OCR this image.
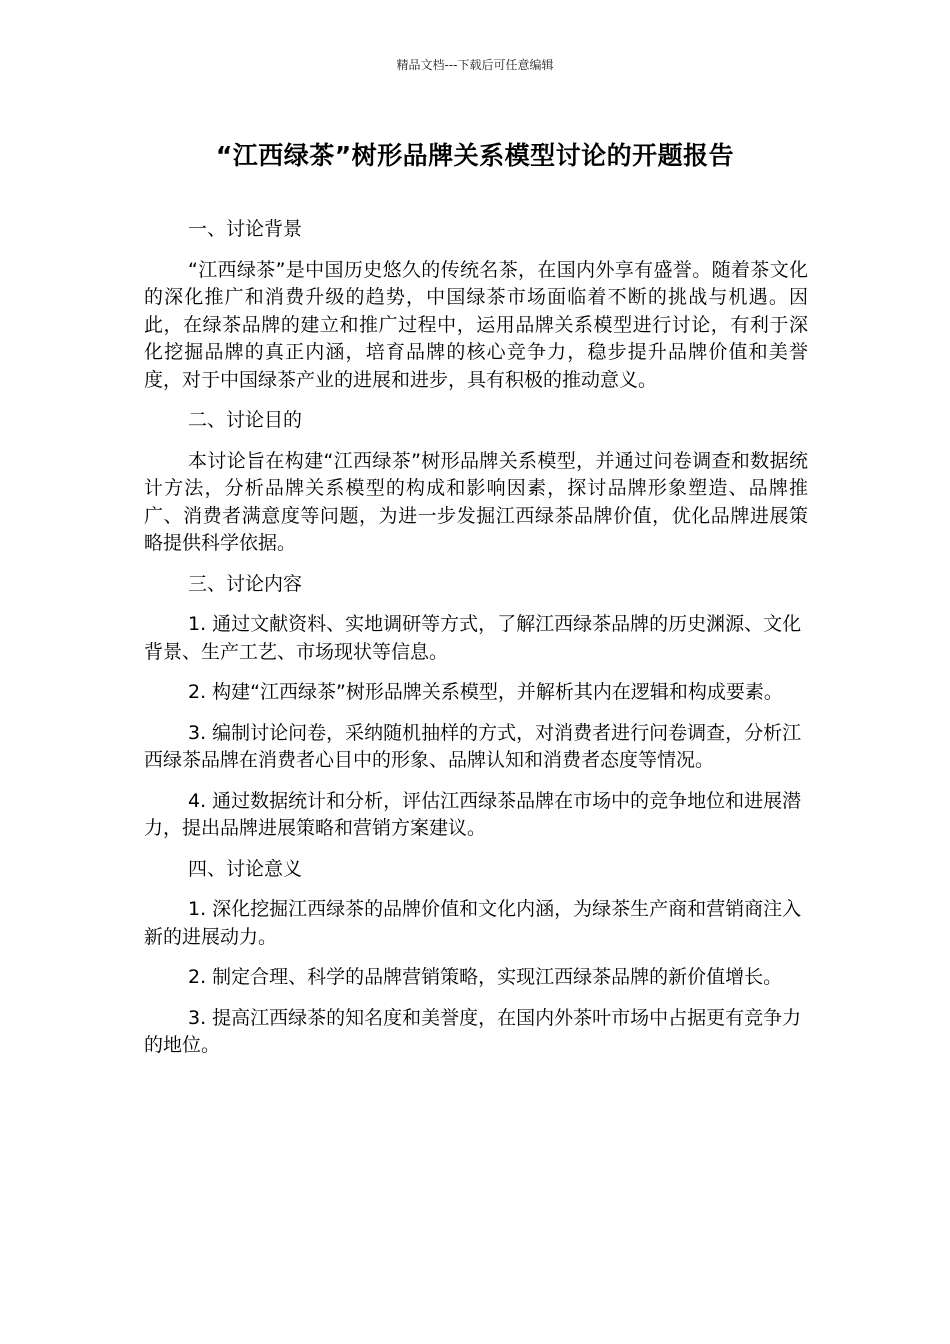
精品文档---下载后可任意编辑
“江西绿茶”树形品牌关系模型讨论的开题报告
一、讨论背景
“江西绿茶”是中国历史悠久的传统名茶，在国内外享有盛誉。随着茶文化的深化推广和消费升级的趋势，中国绿茶市场面临着不断的挑战与机遇。因此，在绿茶品牌的建立和推广过程中，运用品牌关系模型进行讨论，有利于深化挖掘品牌的真正内涵，培育品牌的核心竞争力，稳步提升品牌价值和美誉度，对于中国绿茶产业的进展和进步，具有积极的推动意义。
二、讨论目的
本讨论旨在构建“江西绿茶”树形品牌关系模型，并通过问卷调查和数据统计方法，分析品牌关系模型的构成和影响因素，探讨品牌形象塑造、品牌推广、消费者满意度等问题，为进一步发掘江西绿茶品牌价值，优化品牌进展策略提供科学依据。
三、讨论内容
1. 通过文献资料、实地调研等方式，了解江西绿茶品牌的历史渊源、文化背景、生产工艺、市场现状等信息。
2. 构建“江西绿茶”树形品牌关系模型，并解析其内在逻辑和构成要素。
3. 编制讨论问卷，采纳随机抽样的方式，对消费者进行问卷调查，分析江西绿茶品牌在消费者心目中的形象、品牌认知和消费者态度等情况。
4. 通过数据统计和分析，评估江西绿茶品牌在市场中的竞争地位和进展潜力，提出品牌进展策略和营销方案建议。
四、讨论意义
1. 深化挖掘江西绿茶的品牌价值和文化内涵，为绿茶生产商和营销商注入新的进展动力。
2. 制定合理、科学的品牌营销策略，实现江西绿茶品牌的新价值增长。
3. 提高江西绿茶的知名度和美誉度，在国内外茶叶市场中占据更有竞争力的地位。
